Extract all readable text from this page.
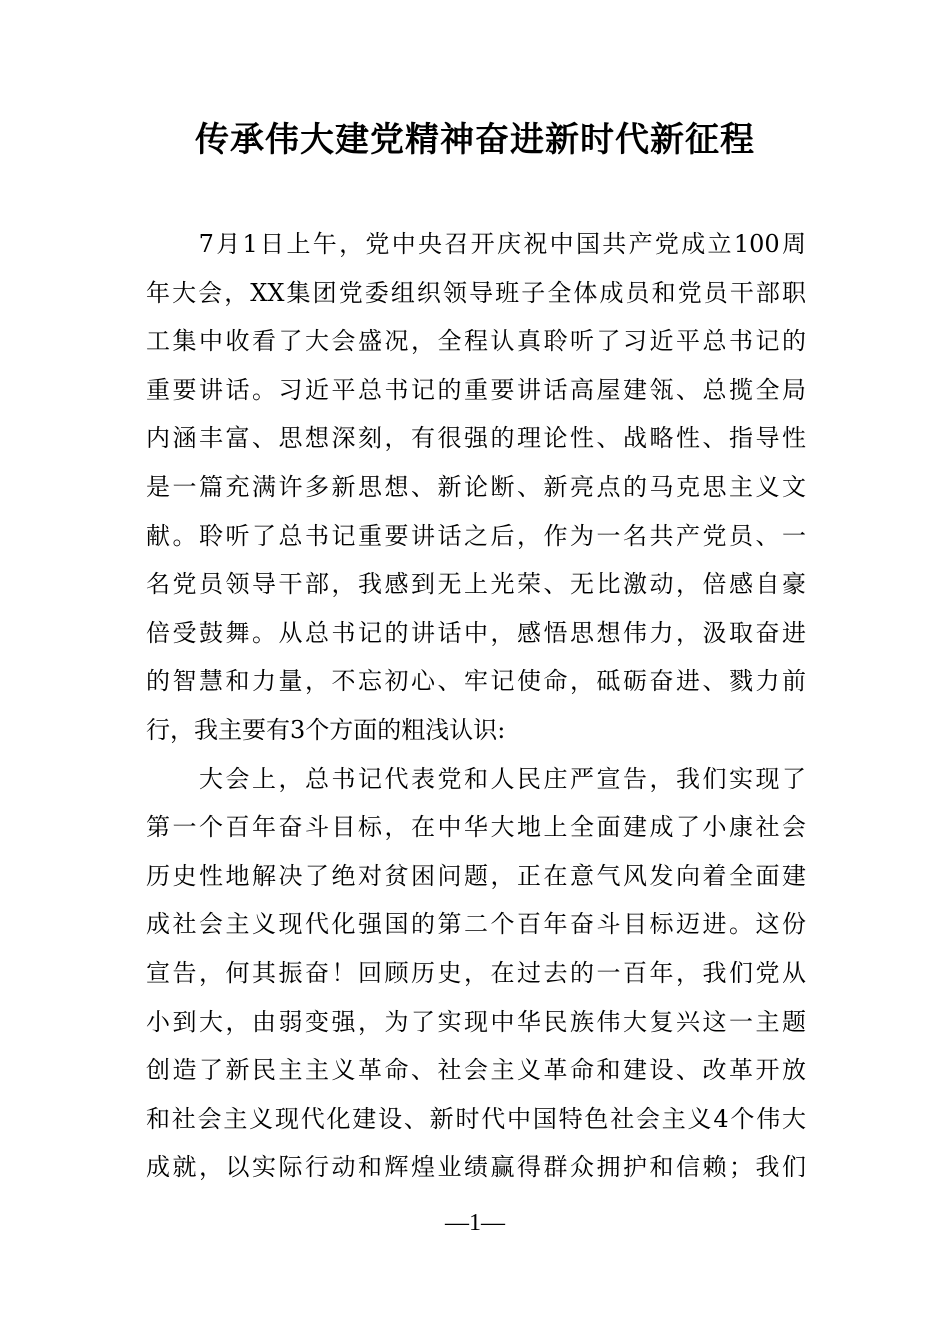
传承伟大建党精神奋进新时代新征程
　　7月1日上午，党中央召开庆祝中国共产党成立100周
年大会，XX集团党委组织领导班子全体成员和党员干部职
工集中收看了大会盛况，全程认真聆听了习近平总书记的
重要讲话。习近平总书记的重要讲话高屋建瓴、总揽全局
内涵丰富、思想深刻，有很强的理论性、战略性、指导性
是一篇充满许多新思想、新论断、新亮点的马克思主义文
献。聆听了总书记重要讲话之后，作为一名共产党员、一
名党员领导干部，我感到无上光荣、无比激动，倍感自豪
倍受鼓舞。从总书记的讲话中，感悟思想伟力，汲取奋进
的智慧和力量，不忘初心、牢记使命，砥砺奋进、戮力前
行，我主要有3个方面的粗浅认识:
　　大会上，总书记代表党和人民庄严宣告，我们实现了
第一个百年奋斗目标，在中华大地上全面建成了小康社会
历史性地解决了绝对贫困问题，正在意气风发向着全面建
成社会主义现代化强国的第二个百年奋斗目标迈进。这份
宣告，何其振奋！回顾历史，在过去的一百年，我们党从
小到大，由弱变强，为了实现中华民族伟大复兴这一主题
创造了新民主主义革命、社会主义革命和建设、改革开放
和社会主义现代化建设、新时代中国特色社会主义4个伟大
成就，以实际行动和辉煌业绩赢得群众拥护和信赖；我们
—1—
